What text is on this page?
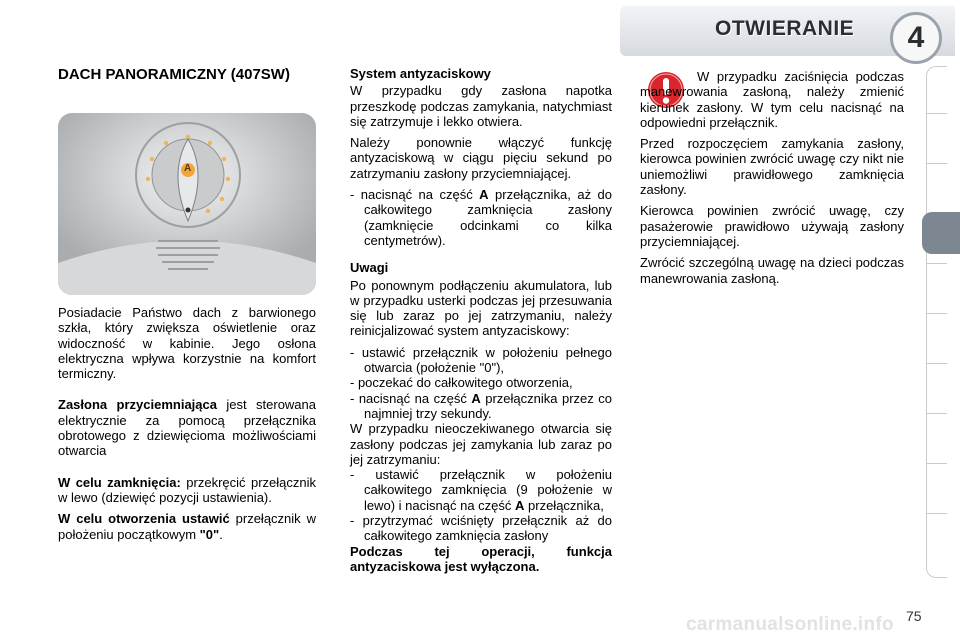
OTWIERANIE	4
DACH PANORAMICZNY (407SW)
A

Posiadacie Państwo dach z barwionego szkła, który zwiększa oświetlenie oraz widoczność w kabinie. Jego osłona elektryczna wpływa korzystnie na komfort termiczny.

Zasłona przyciemniająca jest sterowana elektrycznie za pomocą przełącznika obrotowego z dziewięcioma możliwościami otwarcia

W celu zamknięcia: przekręcić przełącznik w lewo (dziewięć pozycji ustawienia).

W celu otworzenia ustawić przełącznik w położeniu początkowym "0".

System antyzaciskowy

W przypadku gdy zasłona napotka przeszkodę podczas zamykania, natychmiast się zatrzymuje i lekko otwiera.

Należy ponownie włączyć funkcję antyzaciskową w ciągu pięciu sekund po zatrzymaniu zasłony przyciemniającej.

- nacisnąć na część A przełącznika, aż do całkowitego zamknięcia zasłony (zamknięcie odcinkami co kilka centymetrów).

Uwagi

Po ponownym podłączeniu akumulatora, lub w przypadku usterki podczas jej przesuwania się lub zaraz po jej zatrzymaniu, należy reinicjalizować system antyzaciskowy:

- ustawić przełącznik w położeniu pełnego otwarcia (położenie "0"),

- poczekać do całkowitego otworzenia,

- nacisnąć na część A przełącznika przez co najmniej trzy sekundy.

W przypadku nieoczekiwanego otwarcia się zasłony podczas jej zamykania lub zaraz po jej zatrzymaniu:

- ustawić przełącznik w położeniu całkowitego zamknięcia (9 położenie w lewo) i nacisnąć na część A przełącznika,

- przytrzymać wciśnięty przełącznik aż do całkowitego zamknięcia zasłony

Podczas tej operacji, funkcja antyzaciskowa jest wyłączona.

W przypadku zaciśnięcia podczas manewrowania zasłoną, należy zmienić kierunek zasłony. W tym celu nacisnąć na odpowiedni przełącznik.

Przed rozpoczęciem zamykania zasłony, kierowca powinien zwrócić uwagę czy nikt nie uniemożliwi prawidłowego zamknięcia zasłony.

Kierowca powinien zwrócić uwagę, czy pasażerowie prawidłowo używają zasłony przyciemniającej.

Zwrócić szczególną uwagę na dzieci podczas manewrowania zasłoną.

carmanualsonline.info 75
